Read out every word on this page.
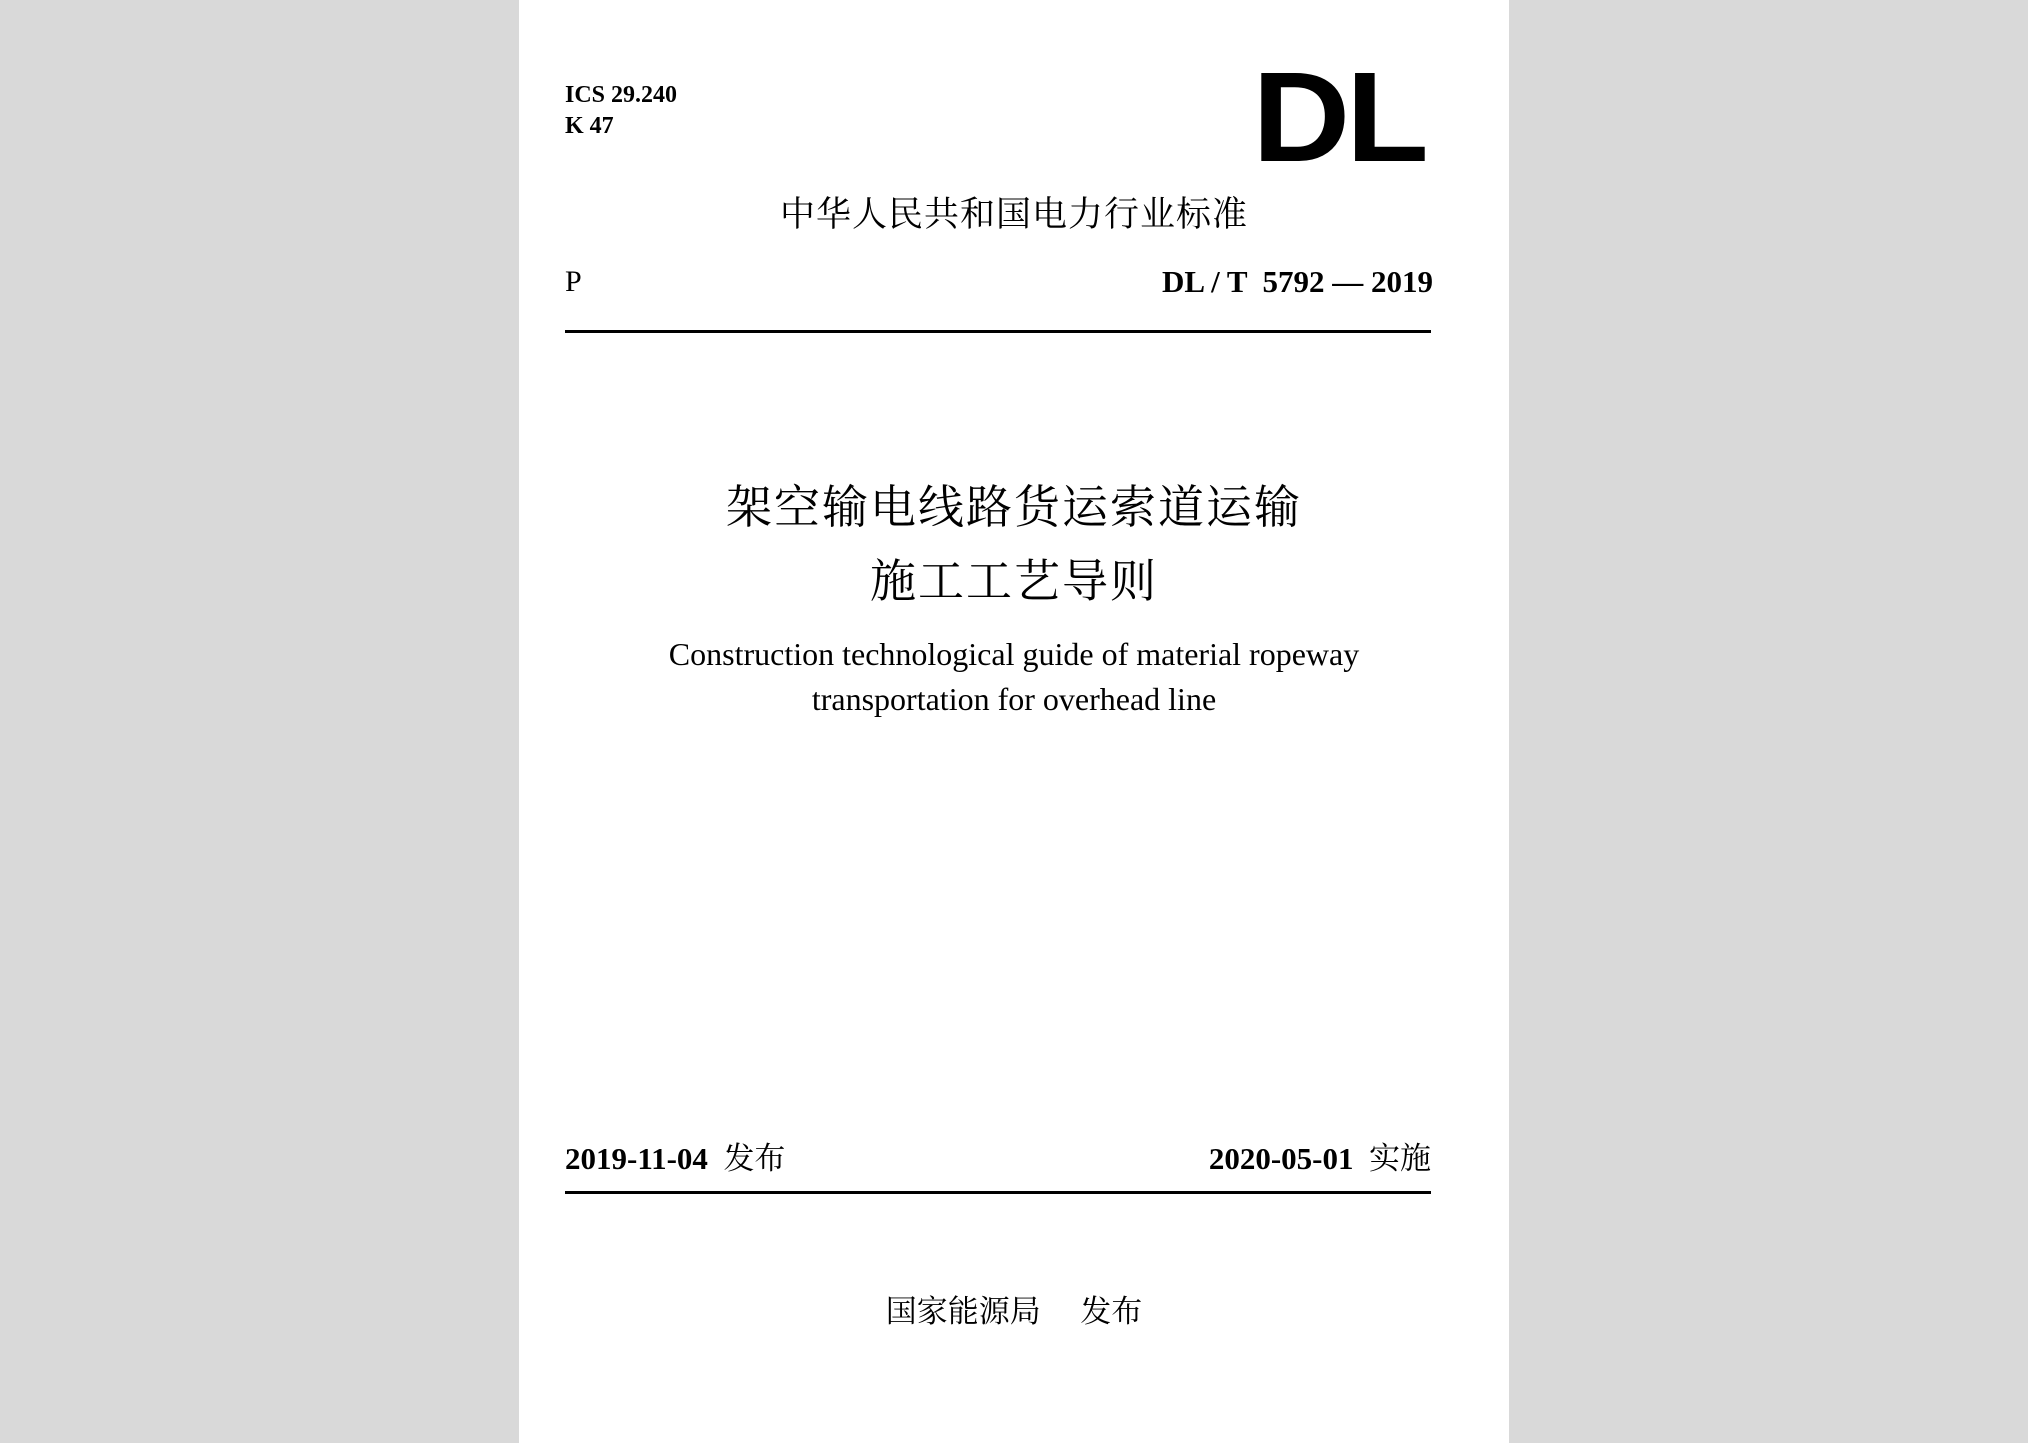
ICS 29.240
K 47	DL
中华人民共和国电力行业标准
P	DL / T  5792 — 2019
架空输电线路货运索道运输
施工工艺导则
Construction technological guide of material ropeway
transportation for overhead line
2019-11-04 发布	2020-05-01 实施
国家能源局 发布
